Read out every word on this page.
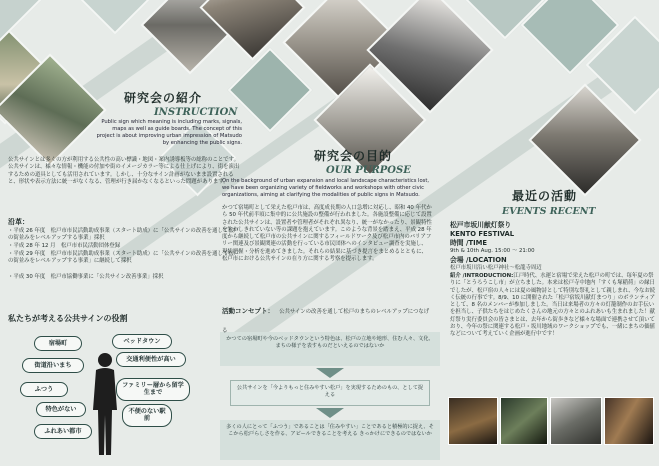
研究会の紹介
INSTRUCTION

Public sign which meaning is including marks, signals, maps as well as guide boards. The concept of this project is about improving urban impression of Matsudo by enhancing the public signs.

公共サインとは多くの方が利用する公共性の高い標識・地図・案内誘導板等の総称のことです。公共サインは、様々な情報・機能の付加や街のイメージカラー等による仕上げにより、街を演出するための道具としても活用されています。しかし、十分なサイン計画がないまま設置されると、形状や表示方法に統一がなくなる、管理が行き届かなくなるといった問題があります。

沿革：

・平成 26 年度　松戸市市民活動助成事業（スタート助成）に「公共サインの改善を通して松戸の街並みをレベルアップする事業」採択

・平成 28 年 12 月　松戸市市民活動団体登録

・平成 29 年度　松戸市市民活動助成事業（スタート助成）に「公共サインの改善を通して松戸の街並みをレベルアップする事業」に継続して採択

・平成 30 年度　松戸市協働事業に「公共サイン改善事業」採択

私たちが考える公共サインの役割
宿場町	ベッドタウン
街道沿いまち
交通利便性が高い
ふつう
ファミリー層から留学生まで
特色がない	不便のない駅前
ふれあい都市
かつての宿場町や今のベッドタウンという特色は、松戸の立地や地形、住む人々、文化、まちの様子を表すものだといえるのではないか
公共サインを「今よりもっと住みやすい松戸」を実現するためのもの、として捉える
多くの人にとって「ふつう」であることは「住みやすい」ことであると積極的に捉え、そこから松戸らしさを作る、アピールできることを考える きっかけにできるのではないか
研究会の目的
OUR PURPOSE

On the background of urban expansion and local landscape characteristics lost, we have been organizing variety of fieldworks and workshops with other civic organizations, aiming at clarifying the modalities of public signs in Matsudo.

かつて宿場町として栄えた松戸市は、高度成長期の人口急増に対応し、昭和 40 年代から 50 年代前半頃に集中的に公共施設の整備が行われました。各施設整備に応じて設置された公共サインは、設置者や管理者がそれぞれ異なり、統一がなかったり、景観特性を生かしきれていない等の課題を抱えています。このような背景を踏まえ、平成 28 年度から継続して松戸市の公共サインに関するフィールドワーク及び松戸市内のバリアフリー関連及び景観関連の活動を行っている市民団体へのインタビュー調査を実施し、現状把握・分析を進めてきました。それらの結果に基づき提言をまとめるとともに、松戸市における公共サインの在り方に関する考察を提示します。

活動コンセプト： 公共サインの改善を通して松戸のまちのレベルアップにつなげる
最近の活動
EVENTS RECENT
松戸市坂川献灯祭り
KENTO FESTIVAL
時間 /TIME
9th & 10th Aug. 15:00 ～ 21:00
会場 /LOCATION
松戸市坂川沿い松戸神社～松龍寺周辺

紹介 /INTRODUCTION:江戸時代、水運と宿場で栄えた松戸の町では、毎年夏の祭りに「とうろうこし市」が立ちました。本来は松戸寺中地内「すくも塚稲荷」の縁日でしたが、松戸宿の人々には夏の風物詩として特別な祭礼として親しまれ、今なお続く伝統の行事です。8/9、10 に開催された「松戸宿坂川献灯まつり」のボランティアとして、8 名のメンバーが参加しました。当日は来場者の方々の灯籠制作のお手伝いを担当し、子供たちをはじめたくさんの地元の方々とのふれあいも生まれました！献灯祭り実行委員会の皆さまとは、去年から街歩きなど様々な場面で連携させて頂いており、今年の祭に関連する松戸・坂川地域のワークショップでも、一緒にまちの価値などについて考えていく企画が進行中です！
